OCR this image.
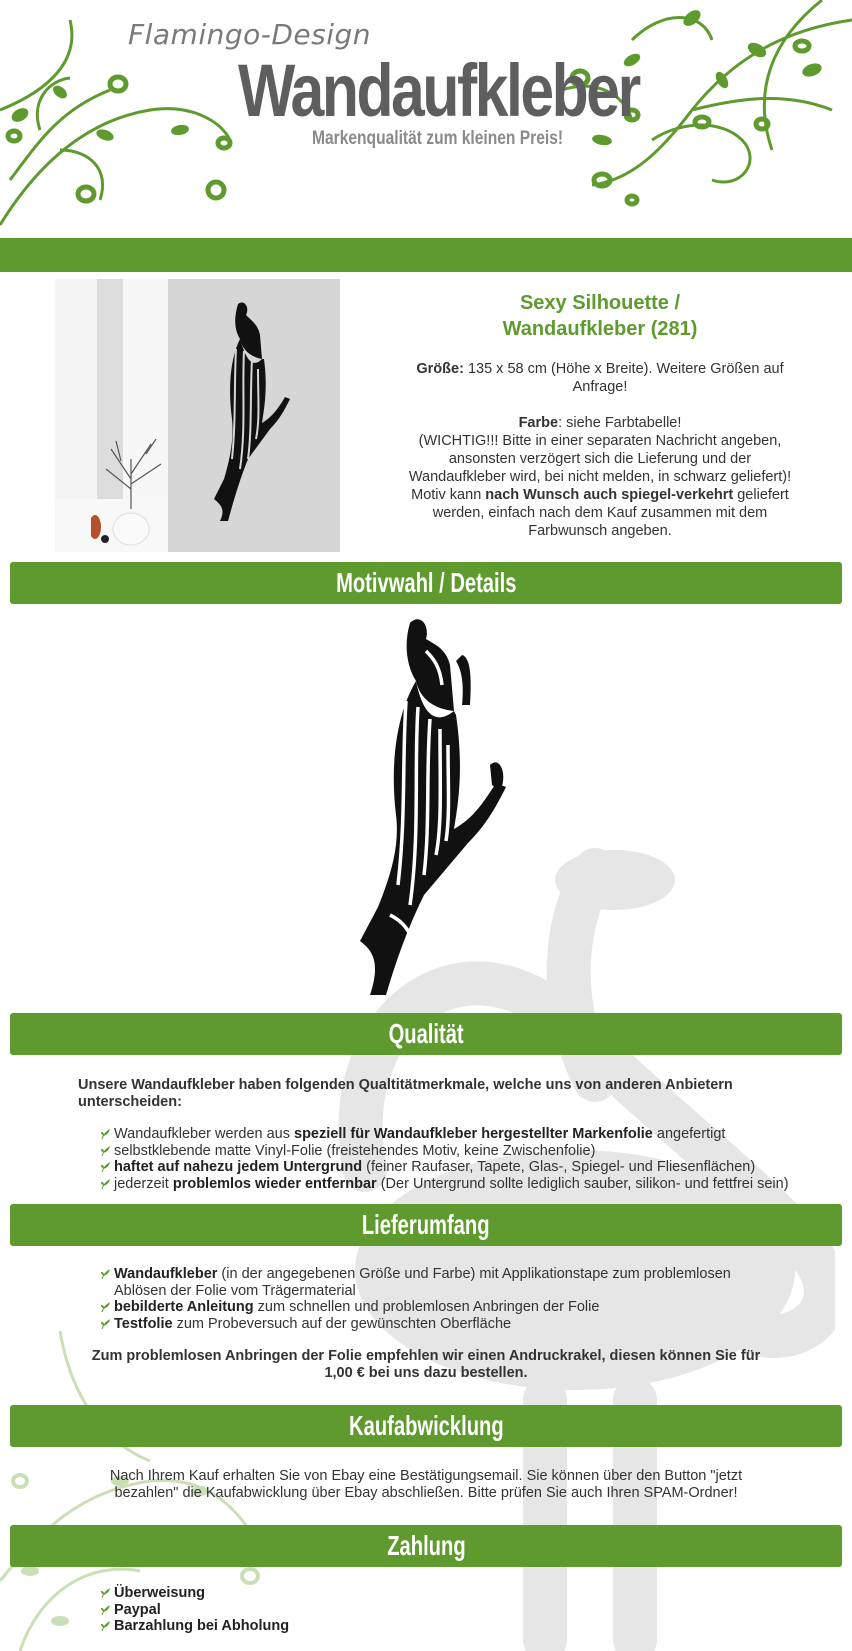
Flamingo-Design
Wandaufkleber
Markenqualität zum kleinen Preis!
Sexy Silhouette /
Wandaufkleber (281)

Größe: 135 x 58 cm (Höhe x Breite). Weitere Größen auf Anfrage!

Farbe: siehe Farbtabelle!
(WICHTIG!!! Bitte in einer separaten Nachricht angeben, ansonsten verzögert sich die Lieferung und der Wandaufkleber wird, bei nicht melden, in schwarz geliefert)! Motiv kann nach Wunsch auch spiegel-verkehrt geliefert werden, einfach nach dem Kauf zusammen mit dem Farbwunsch angeben.

Motivwahl / Details
Qualität
Unsere Wandaufkleber haben folgenden Qualtitätmerkmale, welche uns von anderen Anbietern unterscheiden:
Wandaufkleber werden aus speziell für Wandaufkleber hergestellter Markenfolie angefertigt
selbstklebende matte Vinyl-Folie (freistehendes Motiv, keine Zwischenfolie)
haftet auf nahezu jedem Untergrund (feiner Raufaser, Tapete, Glas-, Spiegel- und Fliesenflächen)
jederzeit problemlos wieder entfernbar (Der Untergrund sollte lediglich sauber, silikon- und fettfrei sein)
Lieferumfang
Wandaufkleber (in der angegebenen Größe und Farbe) mit Applikationstape zum problemlosen Ablösen der Folie vom Trägermaterial
bebilderte Anleitung zum schnellen und problemlosen Anbringen der Folie
Testfolie zum Probeversuch auf der gewünschten Oberfläche
Zum problemlosen Anbringen der Folie empfehlen wir einen Andruckrakel, diesen können Sie für 1,00 € bei uns dazu bestellen.
Kaufabwicklung
Nach Ihrem Kauf erhalten Sie von Ebay eine Bestätigungsemail. Sie können über den Button "jetzt bezahlen" die Kaufabwicklung über Ebay abschließen. Bitte prüfen Sie auch Ihren SPAM-Ordner!
Zahlung
Überweisung
Paypal
Barzahlung bei Abholung
